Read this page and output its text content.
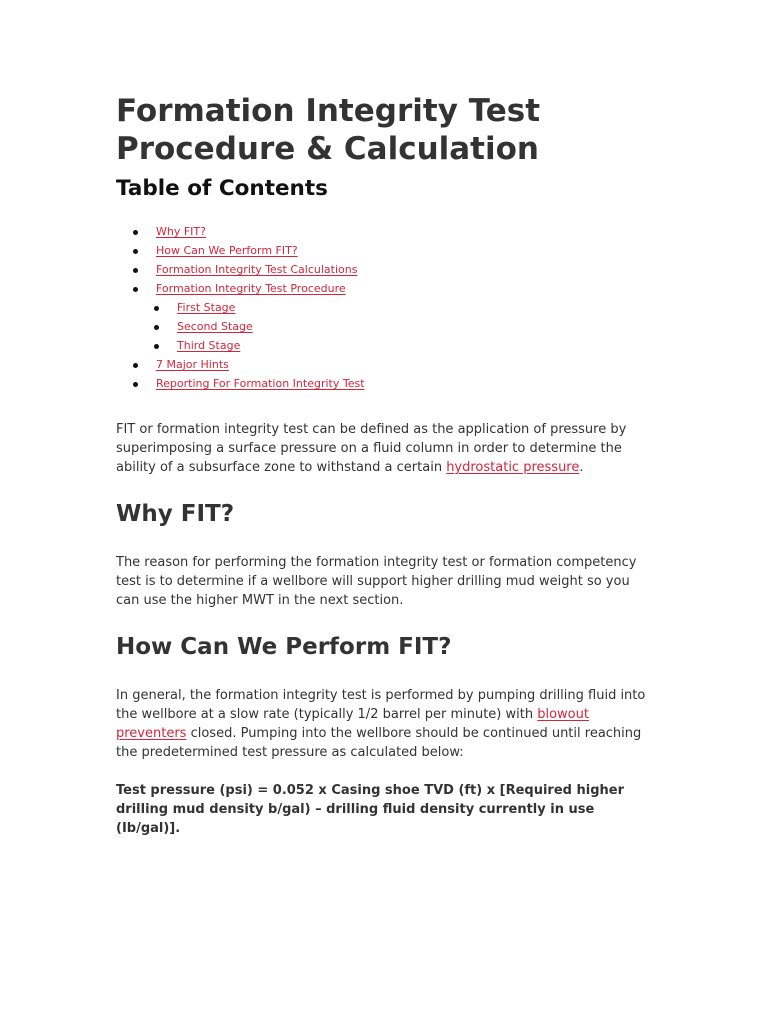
Formation Integrity Test
Procedure & Calculation
Table of Contents
Why FIT?
How Can We Perform FIT?
Formation Integrity Test Calculations
Formation Integrity Test Procedure
First Stage
Second Stage
Third Stage
7 Major Hints
Reporting For Formation Integrity Test

FIT or formation integrity test can be defined as the application of pressure by superimposing a surface pressure on a fluid column in order to determine the ability of a subsurface zone to withstand a certain hydrostatic pressure.

Why FIT?

The reason for performing the formation integrity test or formation competency test is to determine if a wellbore will support higher drilling mud weight so you can use the higher MWT in the next section.

How Can We Perform FIT?

In general, the formation integrity test is performed by pumping drilling fluid into the wellbore at a slow rate (typically 1/2 barrel per minute) with blowout preventers closed. Pumping into the wellbore should be continued until reaching the predetermined test pressure as calculated below:

Test pressure (psi) = 0.052 x Casing shoe TVD (ft) x [Required higher drilling mud density b/gal) – drilling fluid density currently in use (Ib/gal)].
